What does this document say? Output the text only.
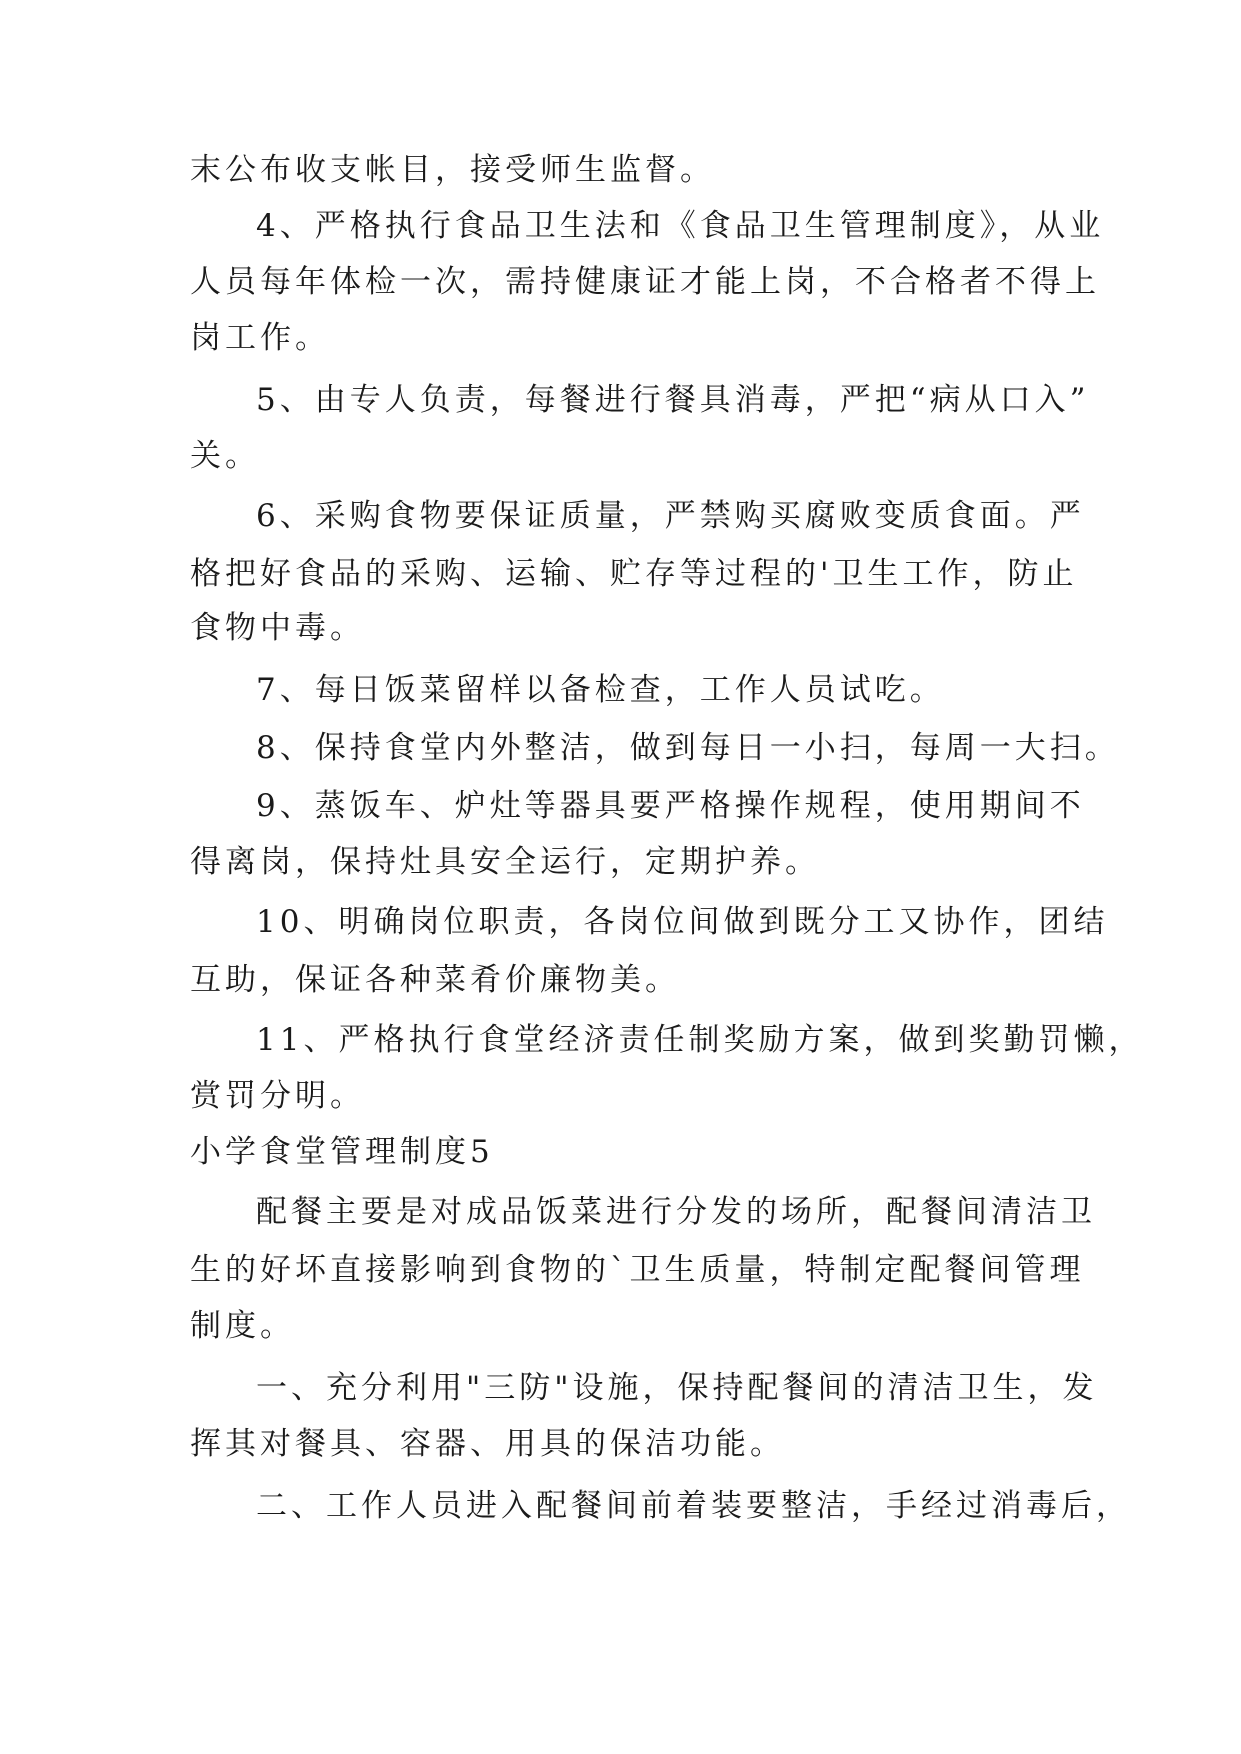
末公布收支帐目，接受师生监督。
4、严格执行食品卫生法和《食品卫生管理制度》，从业
人员每年体检一次，需持健康证才能上岗，不合格者不得上
岗工作。
5、由专人负责，每餐进行餐具消毒，严把“病从口入”
关。
6、采购食物要保证质量，严禁购买腐败变质食面。严
格把好食品的采购、运输、贮存等过程的'卫生工作，防止
食物中毒。
7、每日饭菜留样以备检查，工作人员试吃。
8、保持食堂内外整洁，做到每日一小扫，每周一大扫。
9、蒸饭车、炉灶等器具要严格操作规程，使用期间不
得离岗，保持灶具安全运行，定期护养。
10、明确岗位职责，各岗位间做到既分工又协作，团结
互助，保证各种菜肴价廉物美。
11、严格执行食堂经济责任制奖励方案，做到奖勤罚懒，
赏罚分明。
小学食堂管理制度5
配餐主要是对成品饭菜进行分发的场所，配餐间清洁卫
生的好坏直接影响到食物的`卫生质量，特制定配餐间管理
制度。
一、充分利用"三防"设施，保持配餐间的清洁卫生，发
挥其对餐具、容器、用具的保洁功能。
二、工作人员进入配餐间前着装要整洁，手经过消毒后，
